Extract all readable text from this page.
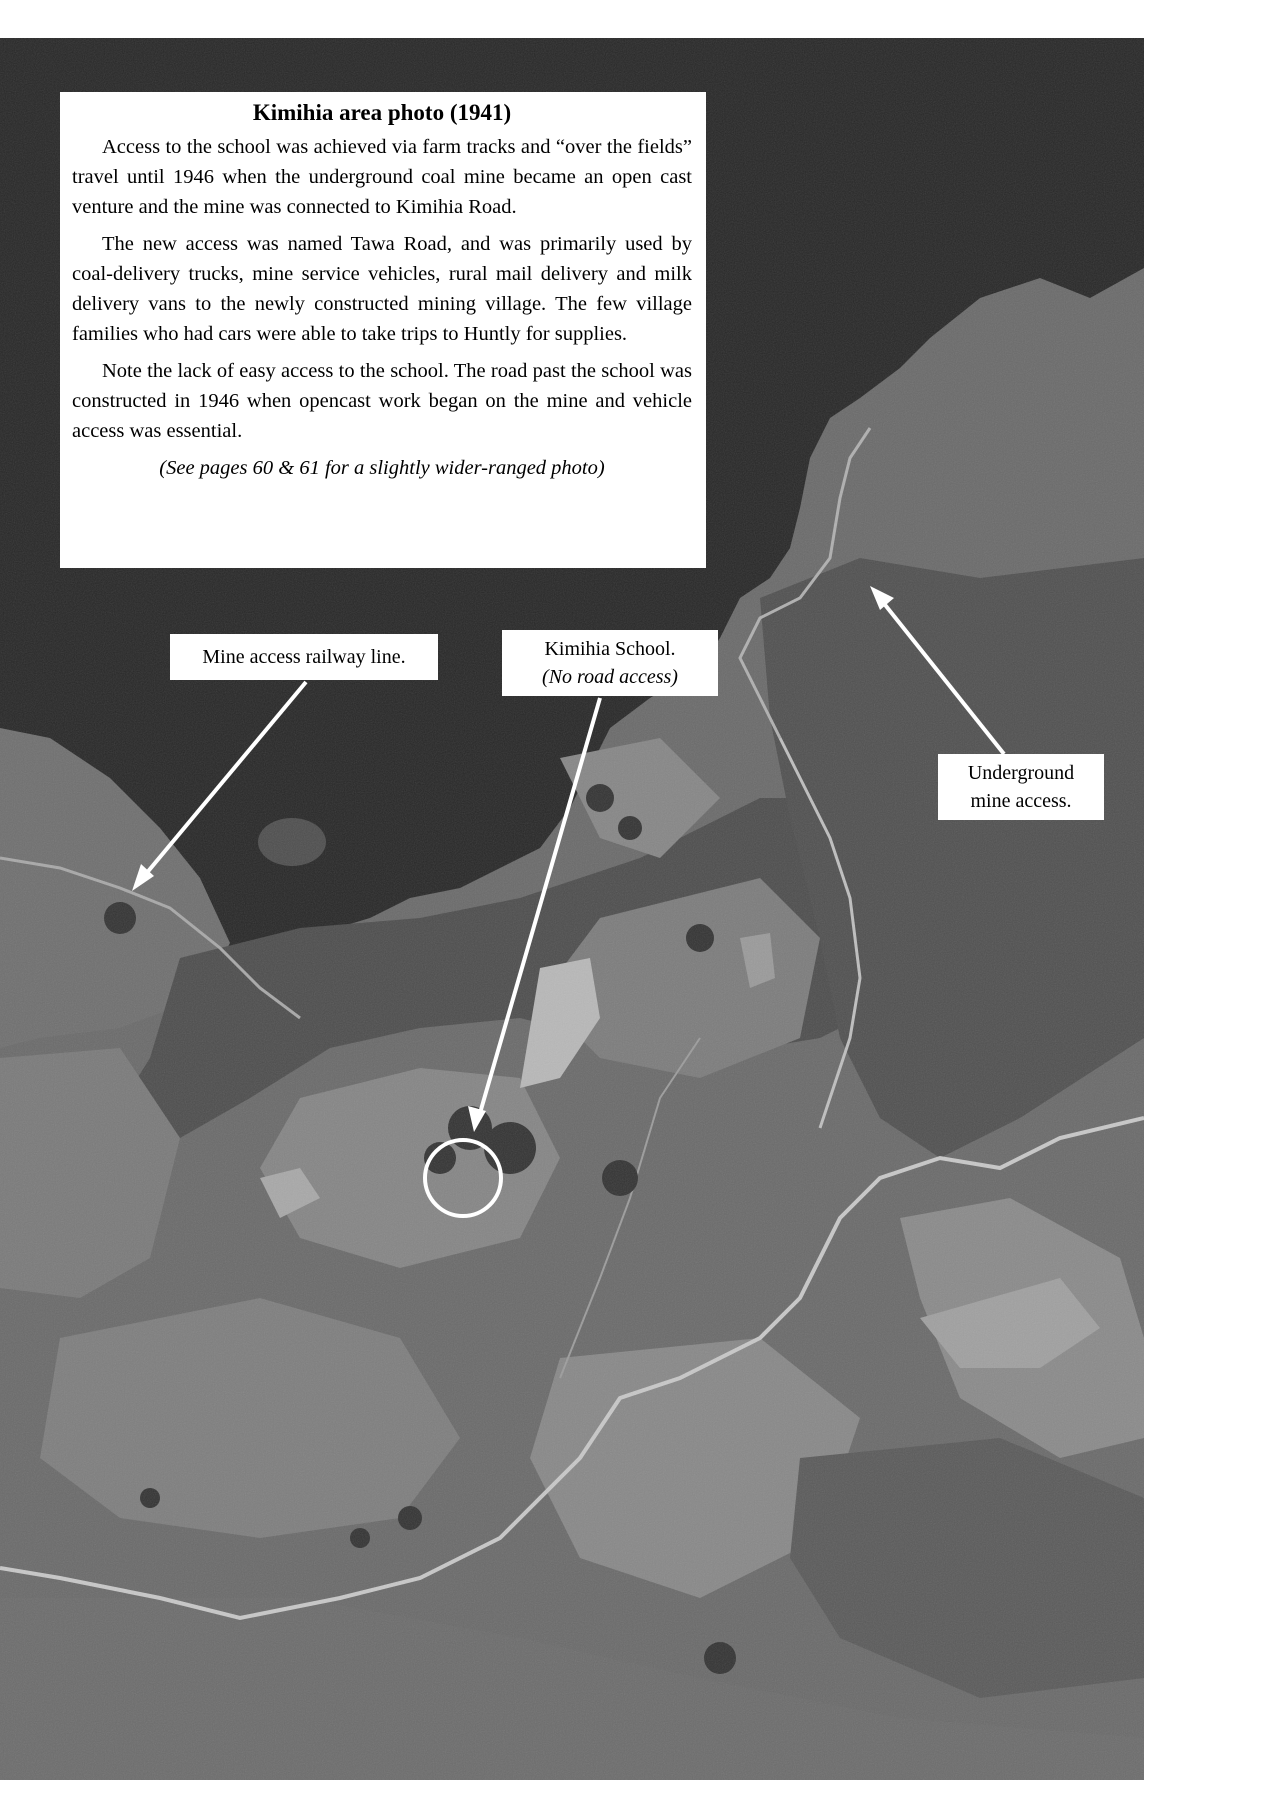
Kimihia area photo (1941)

Access to the school was achieved via farm tracks and “over the fields” travel until 1946 when the underground coal mine became an open cast venture and the mine was connected to Kimihia Road.

The new access was named Tawa Road, and was primarily used by coal-delivery trucks, mine service vehicles, rural mail delivery and milk delivery vans to the newly constructed mining village. The few village families who had cars were able to take trips to Huntly for supplies.

Note the lack of easy access to the school. The road past the school was constructed in 1946 when opencast work began on the mine and vehicle access was essential.

(See pages 60 & 61 for a slightly wider-ranged photo)

Mine access railway line.	Kimihia School.
(No road access)
Underground
mine access.
